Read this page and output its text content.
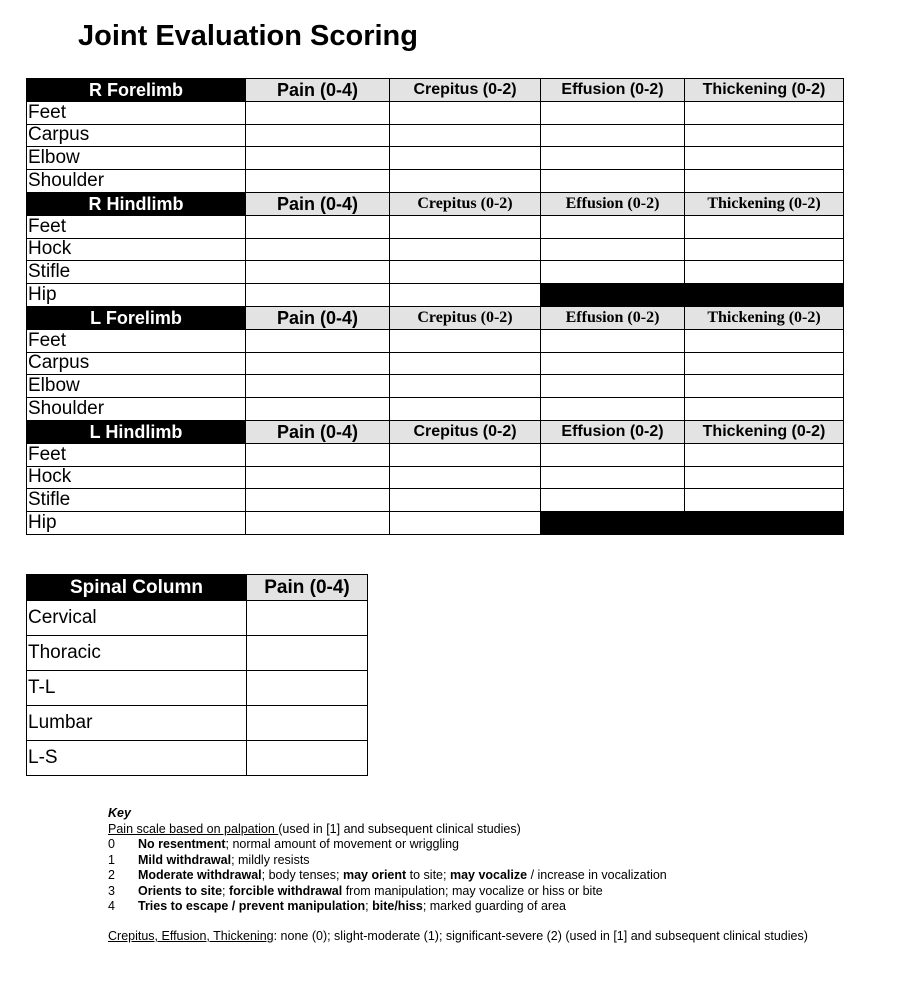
Joint Evaluation Scoring
R Forelimb	Pain (0-4)	Crepitus (0-2)	Effusion (0-2)	Thickening (0-2)
Feet				
Carpus				
Elbow				
Shoulder				
R Hindlimb	Pain (0-4)	Crepitus (0-2)	Effusion (0-2)	Thickening (0-2)
Feet				
Hock				
Stifle				
Hip				
L Forelimb	Pain (0-4)	Crepitus (0-2)	Effusion (0-2)	Thickening (0-2)
Feet				
Carpus				
Elbow				
Shoulder				
L Hindlimb	Pain (0-4)	Crepitus (0-2)	Effusion (0-2)	Thickening (0-2)
Feet				
Hock				
Stifle				
Hip				
Spinal Column	Pain (0-4)
Cervical	
Thoracic	
T-L	
Lumbar	
L-S	
Key
Pain scale based on palpation (used in [1] and subsequent clinical studies)
0	No resentment; normal amount of movement or wriggling
1	Mild withdrawal; mildly resists
2	Moderate withdrawal; body tenses; may orient to site; may vocalize / increase in vocalization
3	Orients to site; forcible withdrawal from manipulation; may vocalize or hiss or bite
4	Tries to escape / prevent manipulation; bite/hiss; marked guarding of area
Crepitus, Effusion, Thickening: none (0); slight-moderate (1); significant-severe (2) (used in [1] and subsequent clinical studies)
